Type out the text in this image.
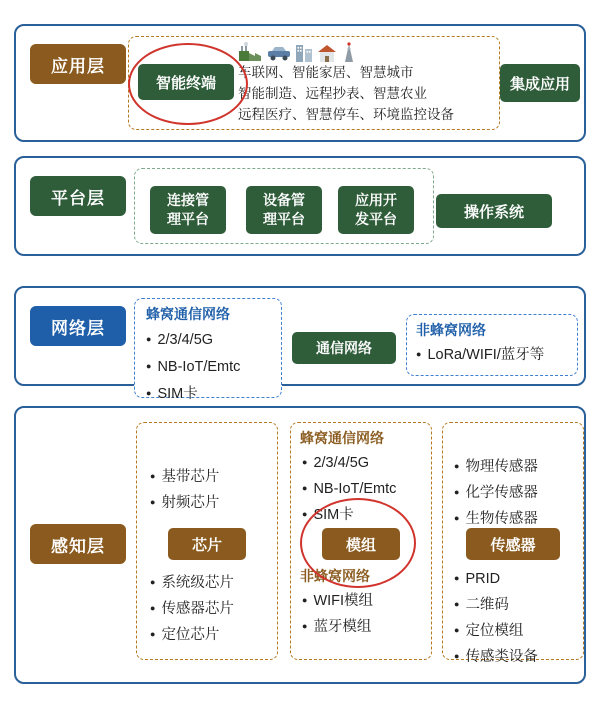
车联网、智能家居、智慧城市
智能制造、远程抄表、智慧农业
远程医疗、智慧停车、环境监控设备
应用层
智能终端	集成应用
平台层	连接管
理平台
设备管
理平台
应用开
发平台	操作系统
网络层
蜂窝通信网络
● 2/3/4/5G
● NB-IoT/Emtc
● SIM卡
通信网络
非蜂窝网络
● LoRa/WIFI/蓝牙等
感知层
● 基带芯片
● 射频芯片
芯片
● 系统级芯片
● 传感器芯片
● 定位芯片
蜂窝通信网络
● 2/3/4/5G
● NB-IoT/Emtc
● SIM卡
模组
非蜂窝网络
● WIFI模组
● 蓝牙模组
● 物理传感器
● 化学传感器
● 生物传感器
传感器
● PRID
● 二维码
● 定位模组
● 传感类设备
